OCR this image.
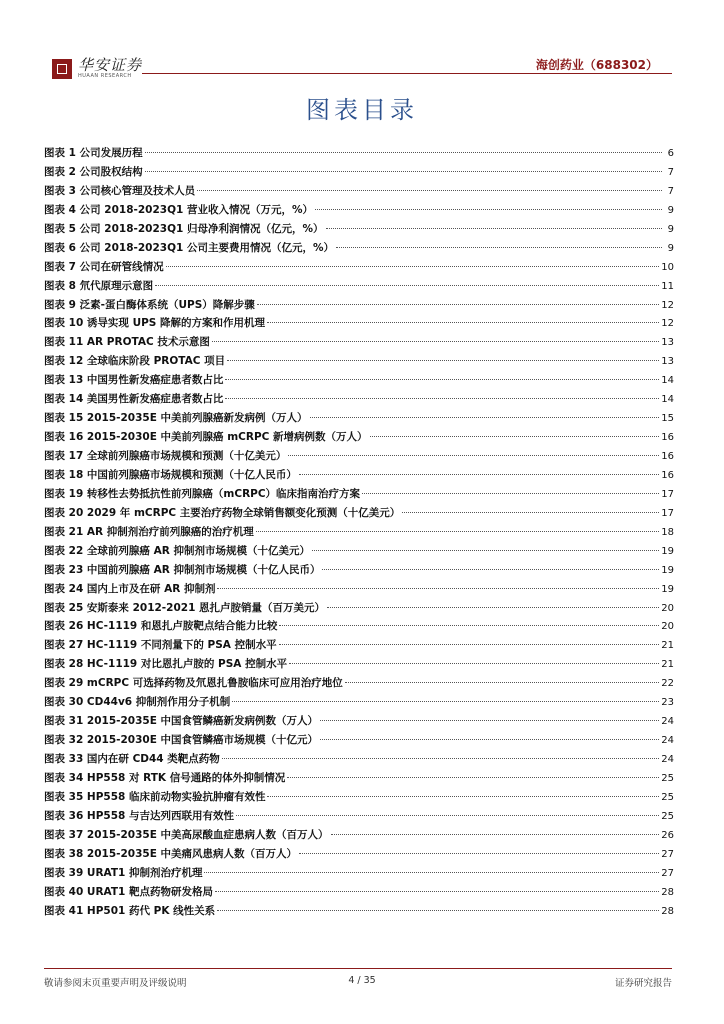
华安证券
HUAAN RESEARCH
海创药业（688302）
图表目录
图表 1 公司发展历程	6
图表 2 公司股权结构	7
图表 3 公司核心管理及技术人员	7
图表 4 公司 2018-2023Q1 营业收入情况（万元，%）	9
图表 5 公司 2018-2023Q1 归母净利润情况（亿元，%）	9
图表 6 公司 2018-2023Q1 公司主要费用情况（亿元，%）	9
图表 7 公司在研管线情况	10
图表 8 氘代原理示意图	11
图表 9 泛素-蛋白酶体系统（UPS）降解步骤	12
图表 10 诱导实现 UPS 降解的方案和作用机理	12
图表 11 AR PROTAC 技术示意图	13
图表 12 全球临床阶段 PROTAC 项目	13
图表 13 中国男性新发癌症患者数占比	14
图表 14 美国男性新发癌症患者数占比	14
图表 15 2015-2035E 中美前列腺癌新发病例（万人）	15
图表 16 2015-2030E 中美前列腺癌 mCRPC 新增病例数（万人）	16
图表 17 全球前列腺癌市场规模和预测（十亿美元）	16
图表 18 中国前列腺癌市场规模和预测（十亿人民币）	16
图表 19 转移性去势抵抗性前列腺癌（mCRPC）临床指南治疗方案	17
图表 20 2029 年 mCRPC 主要治疗药物全球销售额变化预测（十亿美元）	17
图表 21 AR 抑制剂治疗前列腺癌的治疗机理	18
图表 22 全球前列腺癌 AR 抑制剂市场规模（十亿美元）	19
图表 23 中国前列腺癌 AR 抑制剂市场规模（十亿人民币）	19
图表 24 国内上市及在研 AR 抑制剂	19
图表 25 安斯泰来 2012-2021 恩扎卢胺销量（百万美元）	20
图表 26 HC-1119 和恩扎卢胺靶点结合能力比较	20
图表 27 HC-1119 不同剂量下的 PSA 控制水平	21
图表 28 HC-1119 对比恩扎卢胺的 PSA 控制水平	21
图表 29 mCRPC 可选择药物及氘恩扎鲁胺临床可应用治疗地位	22
图表 30 CD44v6 抑制剂作用分子机制	23
图表 31 2015-2035E 中国食管鳞癌新发病例数（万人）	24
图表 32 2015-2030E 中国食管鳞癌市场规模（十亿元）	24
图表 33 国内在研 CD44 类靶点药物	24
图表 34 HP558 对 RTK 信号通路的体外抑制情况	25
图表 35 HP558 临床前动物实验抗肿瘤有效性	25
图表 36 HP558 与吉达列西联用有效性	25
图表 37 2015-2035E 中美高尿酸血症患病人数（百万人）	26
图表 38 2015-2035E 中美痛风患病人数（百万人）	27
图表 39 URAT1 抑制剂治疗机理	27
图表 40 URAT1 靶点药物研发格局	28
图表 41 HP501 药代 PK 线性关系	28
敬请参阅末页重要声明及评级说明	4 / 35	证券研究报告
